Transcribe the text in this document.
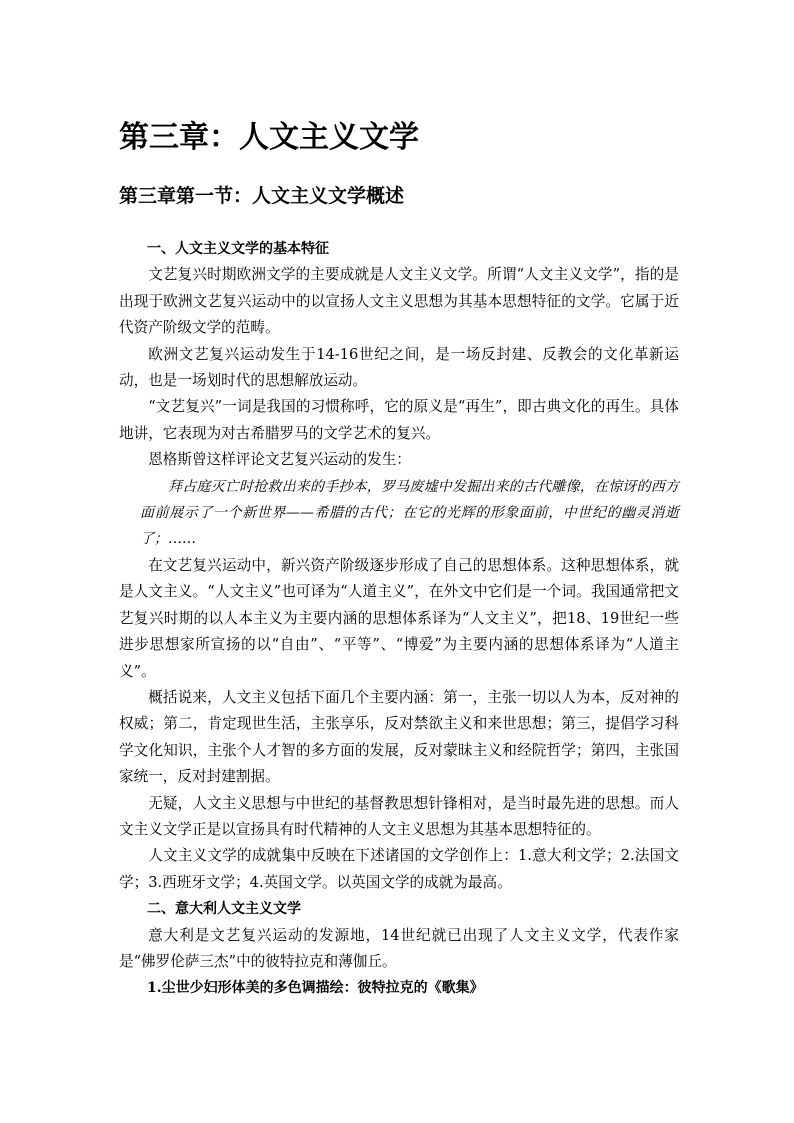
第三章：人文主义文学
第三章第一节：人文主义文学概述

一、人文主义文学的基本特征

文艺复兴时期欧洲文学的主要成就是人文主义文学。所谓“人文主义文学”，指的是出现于欧洲文艺复兴运动中的以宣扬人文主义思想为其基本思想特征的文学。它属于近代资产阶级文学的范畴。

欧洲文艺复兴运动发生于14-16世纪之间，是一场反封建、反教会的文化革新运动，也是一场划时代的思想解放运动。

“文艺复兴”一词是我国的习惯称呼，它的原义是“再生”，即古典文化的再生。具体地讲，它表现为对古希腊罗马的文学艺术的复兴。

恩格斯曾这样评论文艺复兴运动的发生：

拜占庭灭亡时抢救出来的手抄本，罗马废墟中发掘出来的古代雕像，在惊讶的西方面前展示了一个新世界——希腊的古代；在它的光辉的形象面前，中世纪的幽灵消逝了；……

在文艺复兴运动中，新兴资产阶级逐步形成了自己的思想体系。这种思想体系，就是人文主义。“人文主义”也可译为“人道主义”，在外文中它们是一个词。我国通常把文艺复兴时期的以人本主义为主要内涵的思想体系译为“人文主义”，把18、19世纪一些进步思想家所宣扬的以“自由”、“平等”、“博爱”为主要内涵的思想体系译为“人道主义”。

概括说来，人文主义包括下面几个主要内涵：第一，主张一切以人为本，反对神的权威；第二，肯定现世生活，主张享乐，反对禁欲主义和来世思想；第三，提倡学习科学文化知识，主张个人才智的多方面的发展，反对蒙昧主义和经院哲学；第四，主张国家统一，反对封建割据。

无疑，人文主义思想与中世纪的基督教思想针锋相对，是当时最先进的思想。而人文主义文学正是以宣扬具有时代精神的人文主义思想为其基本思想特征的。

人文主义文学的成就集中反映在下述诸国的文学创作上：1.意大利文学；2.法国文学；3.西班牙文学；4.英国文学。以英国文学的成就为最高。

二、意大利人文主义文学

意大利是文艺复兴运动的发源地，14世纪就已出现了人文主义文学，代表作家是“佛罗伦萨三杰”中的彼特拉克和薄伽丘。

1.尘世少妇形体美的多色调描绘：彼特拉克的《歌集》
